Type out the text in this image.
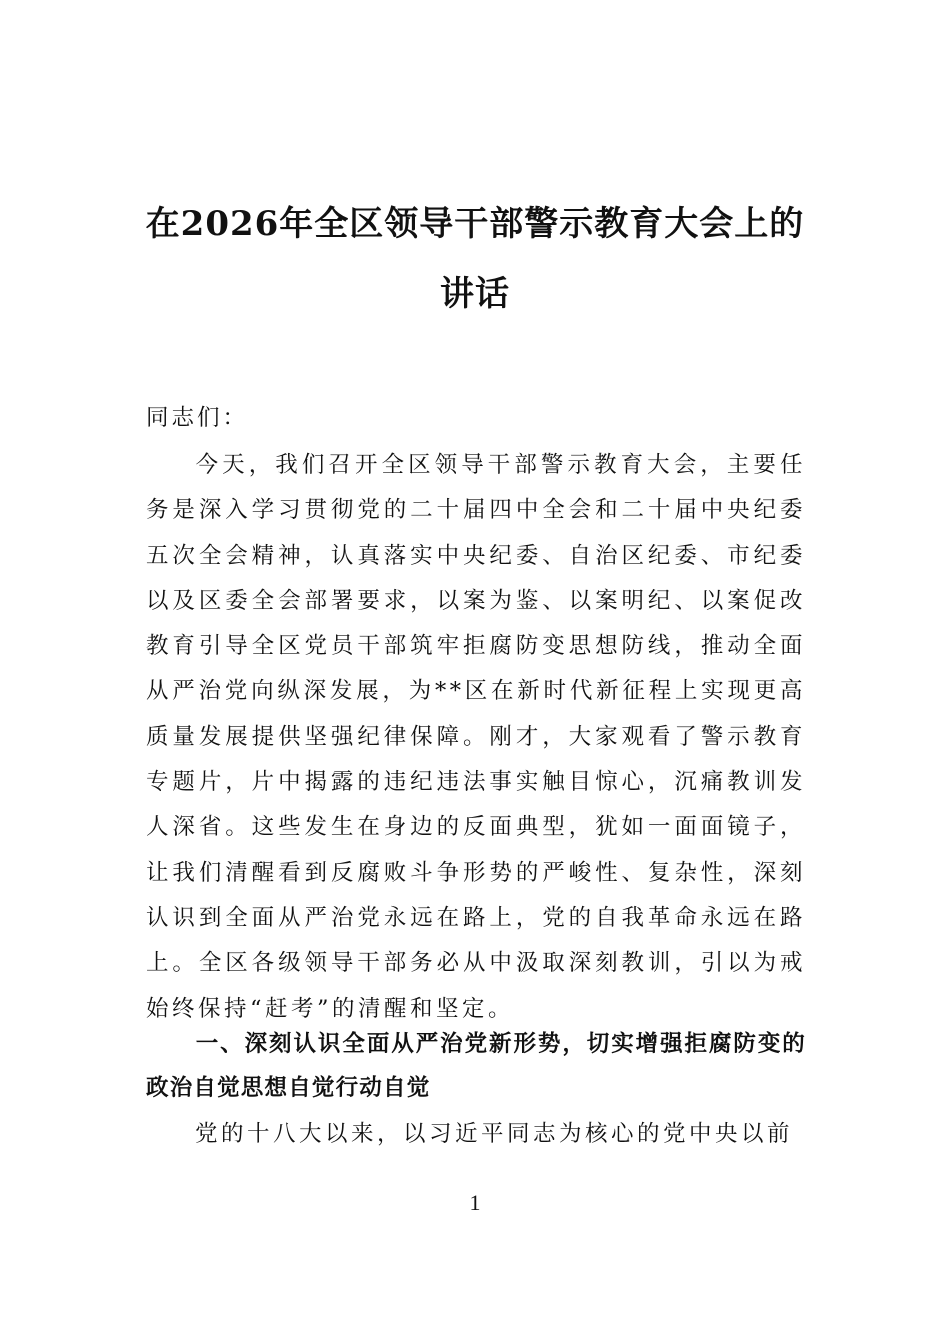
在2026年全区领导干部警示教育大会上的
讲话
同志们：
今天，我们召开全区领导干部警示教育大会，主要任务是深入学习贯彻党的二十届四中全会和二十届中央纪委五次全会精神，认真落实中央纪委、自治区纪委、市纪委以及区委全会部署要求，以案为鉴、以案明纪、以案促改教育引导全区党员干部筑牢拒腐防变思想防线，推动全面从严治党向纵深发展，为**区在新时代新征程上实现更高质量发展提供坚强纪律保障。刚才，大家观看了警示教育专题片，片中揭露的违纪违法事实触目惊心，沉痛教训发人深省。这些发生在身边的反面典型，犹如一面面镜子，让我们清醒看到反腐败斗争形势的严峻性、复杂性，深刻认识到全面从严治党永远在路上，党的自我革命永远在路上。全区各级领导干部务必从中汲取深刻教训，引以为戒始终保持“赶考”的清醒和坚定。
一、深刻认识全面从严治党新形势，切实增强拒腐防变的政治自觉思想自觉行动自觉
党的十八大以来，以习近平同志为核心的党中央以前
1
